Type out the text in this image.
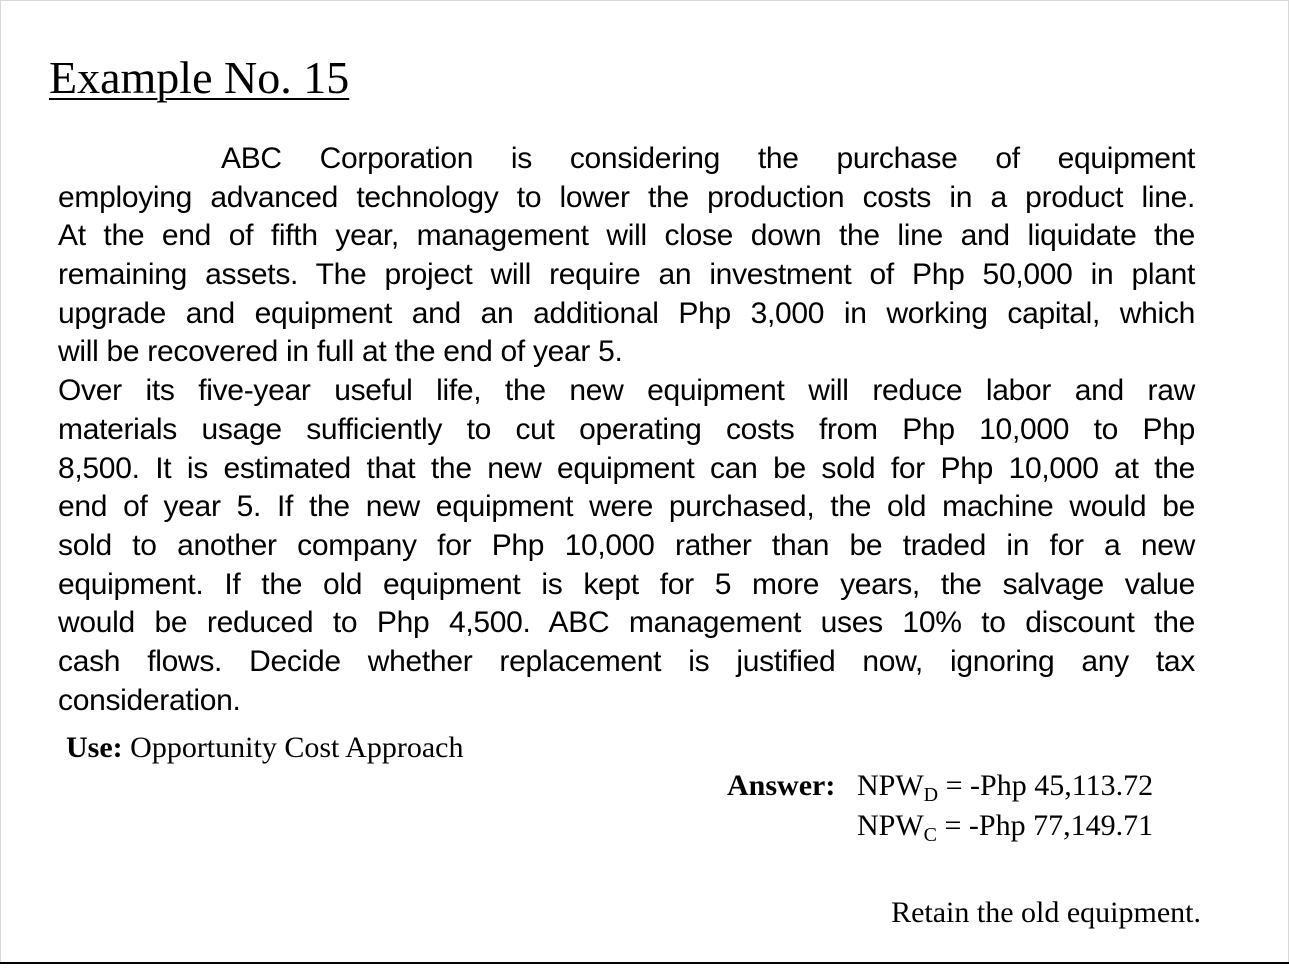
Example No. 15
ABC Corporation is considering the purchase of equipment
employing advanced technology to lower the production costs in a product line.
At the end of fifth year, management will close down the line and liquidate the
remaining assets. The project will require an investment of Php 50,000 in plant
upgrade and equipment and an additional Php 3,000 in working capital, which
will be recovered in full at the end of year 5.
Over its five-year useful life, the new equipment will reduce labor and raw
materials usage sufficiently to cut operating costs from Php 10,000 to Php
8,500. It is estimated that the new equipment can be sold for Php 10,000 at the
end of year 5. If the new equipment were purchased, the old machine would be
sold to another company for Php 10,000 rather than be traded in for a new
equipment. If the old equipment is kept for 5 more years, the salvage value
would be reduced to Php 4,500. ABC management uses 10% to discount the
cash flows. Decide whether replacement is justified now, ignoring any tax
consideration.
Use: Opportunity Cost Approach
Answer: $NPW_D = -Php$ 45,113.72
$NPW_C = -Php$ 77,149.71
Retain the old equipment.
